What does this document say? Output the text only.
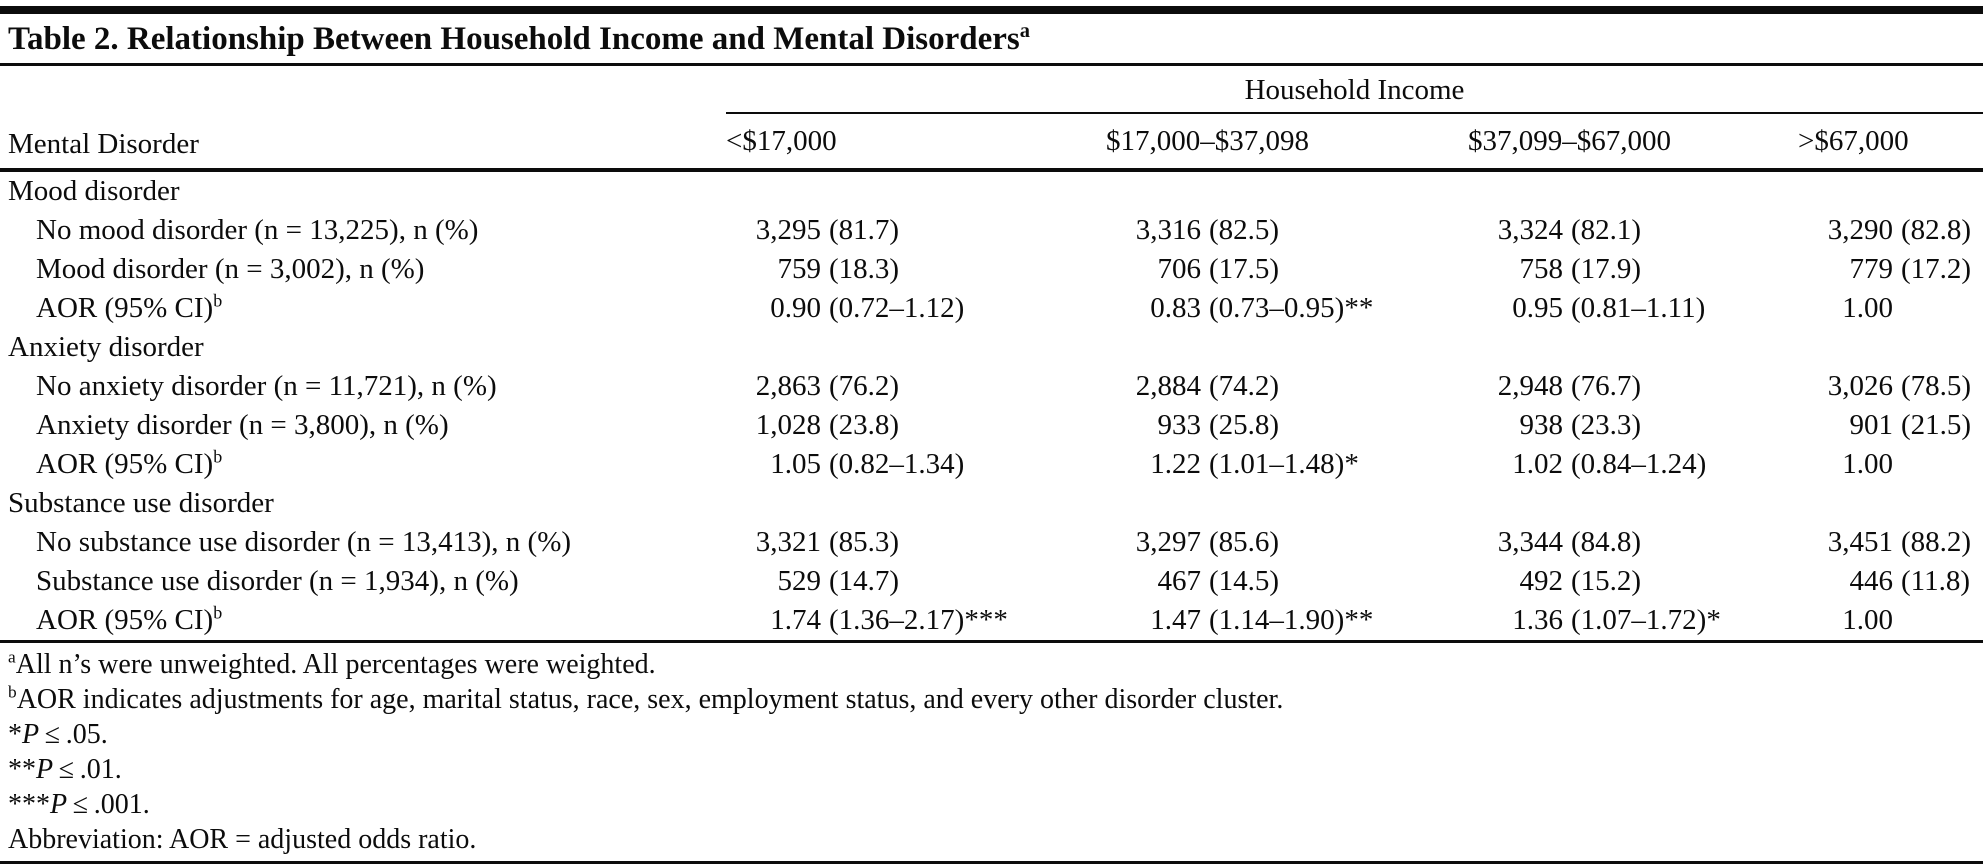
Table 2. Relationship Between Household Income and Mental Disorders$^a$
Household Income
Mental Disorder	<$17,000	$17,000–$37,098	$37,099–$67,000	>$67,000
Mood disorder
No mood disorder (n = 13,225), n (%)	3,295 (81.7)	3,316 (82.5)	3,324 (82.1)	3,290 (82.8)
Mood disorder (n = 3,002), n (%)	759 (18.3)	706 (17.5)	758 (17.9)	779 (17.2)
AOR (95% CI)$^b$	0.90 (0.72–1.12)	0.83 (0.73–0.95)**	0.95 (0.81–1.11)	1.00
Anxiety disorder
No anxiety disorder (n = 11,721), n (%)	2,863 (76.2)	2,884 (74.2)	2,948 (76.7)	3,026 (78.5)
Anxiety disorder (n = 3,800), n (%)	1,028 (23.8)	933 (25.8)	938 (23.3)	901 (21.5)
AOR (95% CI)$^b$	1.05 (0.82–1.34)	1.22 (1.01–1.48)*	1.02 (0.84–1.24)	1.00
Substance use disorder
No substance use disorder (n = 13,413), n (%)	3,321 (85.3)	3,297 (85.6)	3,344 (84.8)	3,451 (88.2)
Substance use disorder (n = 1,934), n (%)	529 (14.7)	467 (14.5)	492 (15.2)	446 (11.8)
AOR (95% CI)$^b$	1.74 (1.36–2.17)***	1.47 (1.14–1.90)**	1.36 (1.07–1.72)*	1.00
$^a$All n’s were unweighted. All percentages were weighted.
$^b$AOR indicates adjustments for age, marital status, race, sex, employment status, and every other disorder cluster.
*P ≤ .05.
**P ≤ .01.
***P ≤ .001.
Abbreviation: AOR = adjusted odds ratio.
